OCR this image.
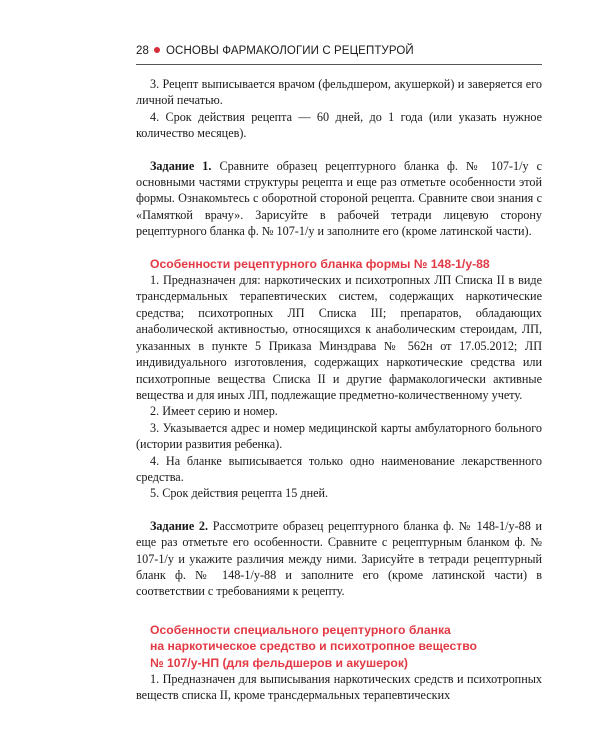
28 ОСНОВЫ ФАРМАКОЛОГИИ С РЕЦЕПТУРОЙ

3. Рецепт выписывается врачом (фельдшером, акушеркой) и заверяется его личной печатью.

4. Срок действия рецепта — 60 дней, до 1 года (или указать нужное количество месяцев).

Задание 1. Сравните образец рецептурного бланка ф. № 107-1/у с основными частями структуры рецепта и еще раз отметьте особенности этой формы. Ознакомьтесь с оборотной стороной рецепта. Сравните свои знания с «Памяткой врачу». Зарисуйте в рабочей тетради лицевую сторону рецептурного бланка ф. № 107-1/у и заполните его (кроме латинской части).

Особенности рецептурного бланка формы № 148-1/у-88

1. Предназначен для: наркотических и психотропных ЛП Списка II в виде трансдермальных терапевтических систем, содержащих наркотические средства; психотропных ЛП Списка III; препаратов, обладающих анаболической активностью, относящихся к анаболическим стероидам, ЛП, указанных в пункте 5 Приказа Минздрава № 562н от 17.05.2012; ЛП индивидуального изготовления, содержащих наркотические средства или психотропные вещества Списка II и другие фармакологически активные вещества и для иных ЛП, подлежащие предметно-количественному учету.

2. Имеет серию и номер.

3. Указывается адрес и номер медицинской карты амбулаторного больного (истории развития ребенка).

4. На бланке выписывается только одно наименование лекарственного средства.

5. Срок действия рецепта 15 дней.

Задание 2. Рассмотрите образец рецептурного бланка ф. № 148-1/у-88 и еще раз отметьте его особенности. Сравните с рецептурным бланком ф. № 107-1/у и укажите различия между ними. Зарисуйте в тетради рецептурный бланк ф. № 148-1/у-88 и заполните его (кроме латинской части) в соответствии с требованиями к рецепту.

Особенности специального рецептурного бланка

на наркотическое средство и психотропное вещество

№ 107/у-НП (для фельдшеров и акушерок)

1. Предназначен для выписывания наркотических средств и психотропных веществ списка II, кроме трансдермальных терапевтических
